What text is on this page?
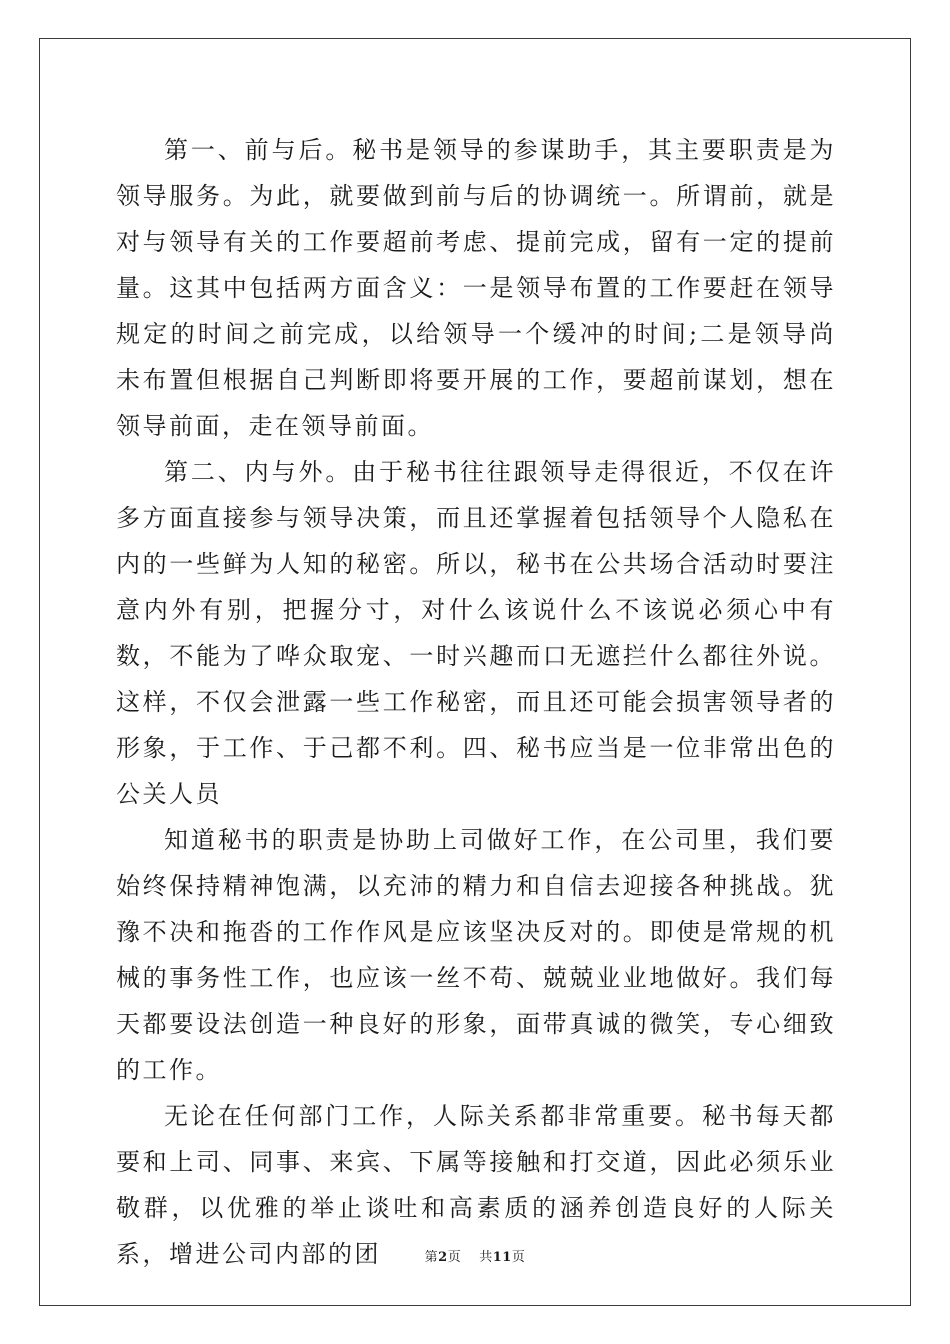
第一、前与后。秘书是领导的参谋助手，其主要职责是为领导服务。为此，就要做到前与后的协调统一。所谓前，就是对与领导有关的工作要超前考虑、提前完成，留有一定的提前量。这其中包括两方面含义：一是领导布置的工作要赶在领导规定的时间之前完成，以给领导一个缓冲的时间;二是领导尚未布置但根据自己判断即将要开展的工作，要超前谋划，想在领导前面，走在领导前面。

第二、内与外。由于秘书往往跟领导走得很近，不仅在许多方面直接参与领导决策，而且还掌握着包括领导个人隐私在内的一些鲜为人知的秘密。所以，秘书在公共场合活动时要注意内外有别，把握分寸，对什么该说什么不该说必须心中有数，不能为了哗众取宠、一时兴趣而口无遮拦什么都往外说。这样，不仅会泄露一些工作秘密，而且还可能会损害领导者的形象，于工作、于己都不利。四、秘书应当是一位非常出色的公关人员

知道秘书的职责是协助上司做好工作，在公司里，我们要始终保持精神饱满，以充沛的精力和自信去迎接各种挑战。犹豫不决和拖沓的工作作风是应该坚决反对的。即使是常规的机械的事务性工作，也应该一丝不苟、兢兢业业地做好。我们每天都要设法创造一种良好的形象，面带真诚的微笑，专心细致的工作。

无论在任何部门工作，人际关系都非常重要。秘书每天都要和上司、同事、来宾、下属等接触和打交道，因此必须乐业敬群，以优雅的举止谈吐和高素质的涵养创造良好的人际关系，增进公司内部的团	第2页 共11页
